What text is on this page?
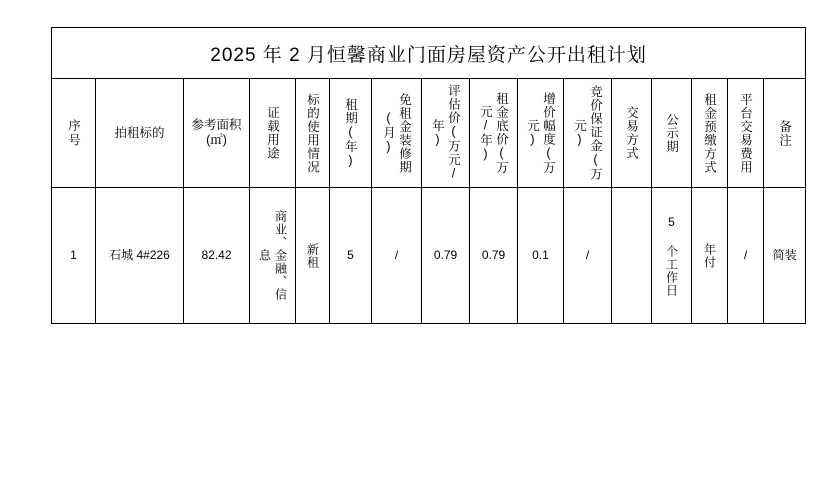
2025 年 2 月恒馨商业门面房屋资产公开出租计划															

序号	拍租标的	参考面积(㎡)	证载用途	标的使用情况	租期(年)	免租金装修期(月)	评估价(万元/年)	租金底价(万元/年)	增价幅度(万元)	竞价保证金(万元)	交易方式	公示期	租金预缴方式	平台交易费用	备注

1	石城 4#226	82.42	商业、金融、信息	新租	5	/	0.79	0.79	0.1	/		5 个工作日	年付	/	简装
